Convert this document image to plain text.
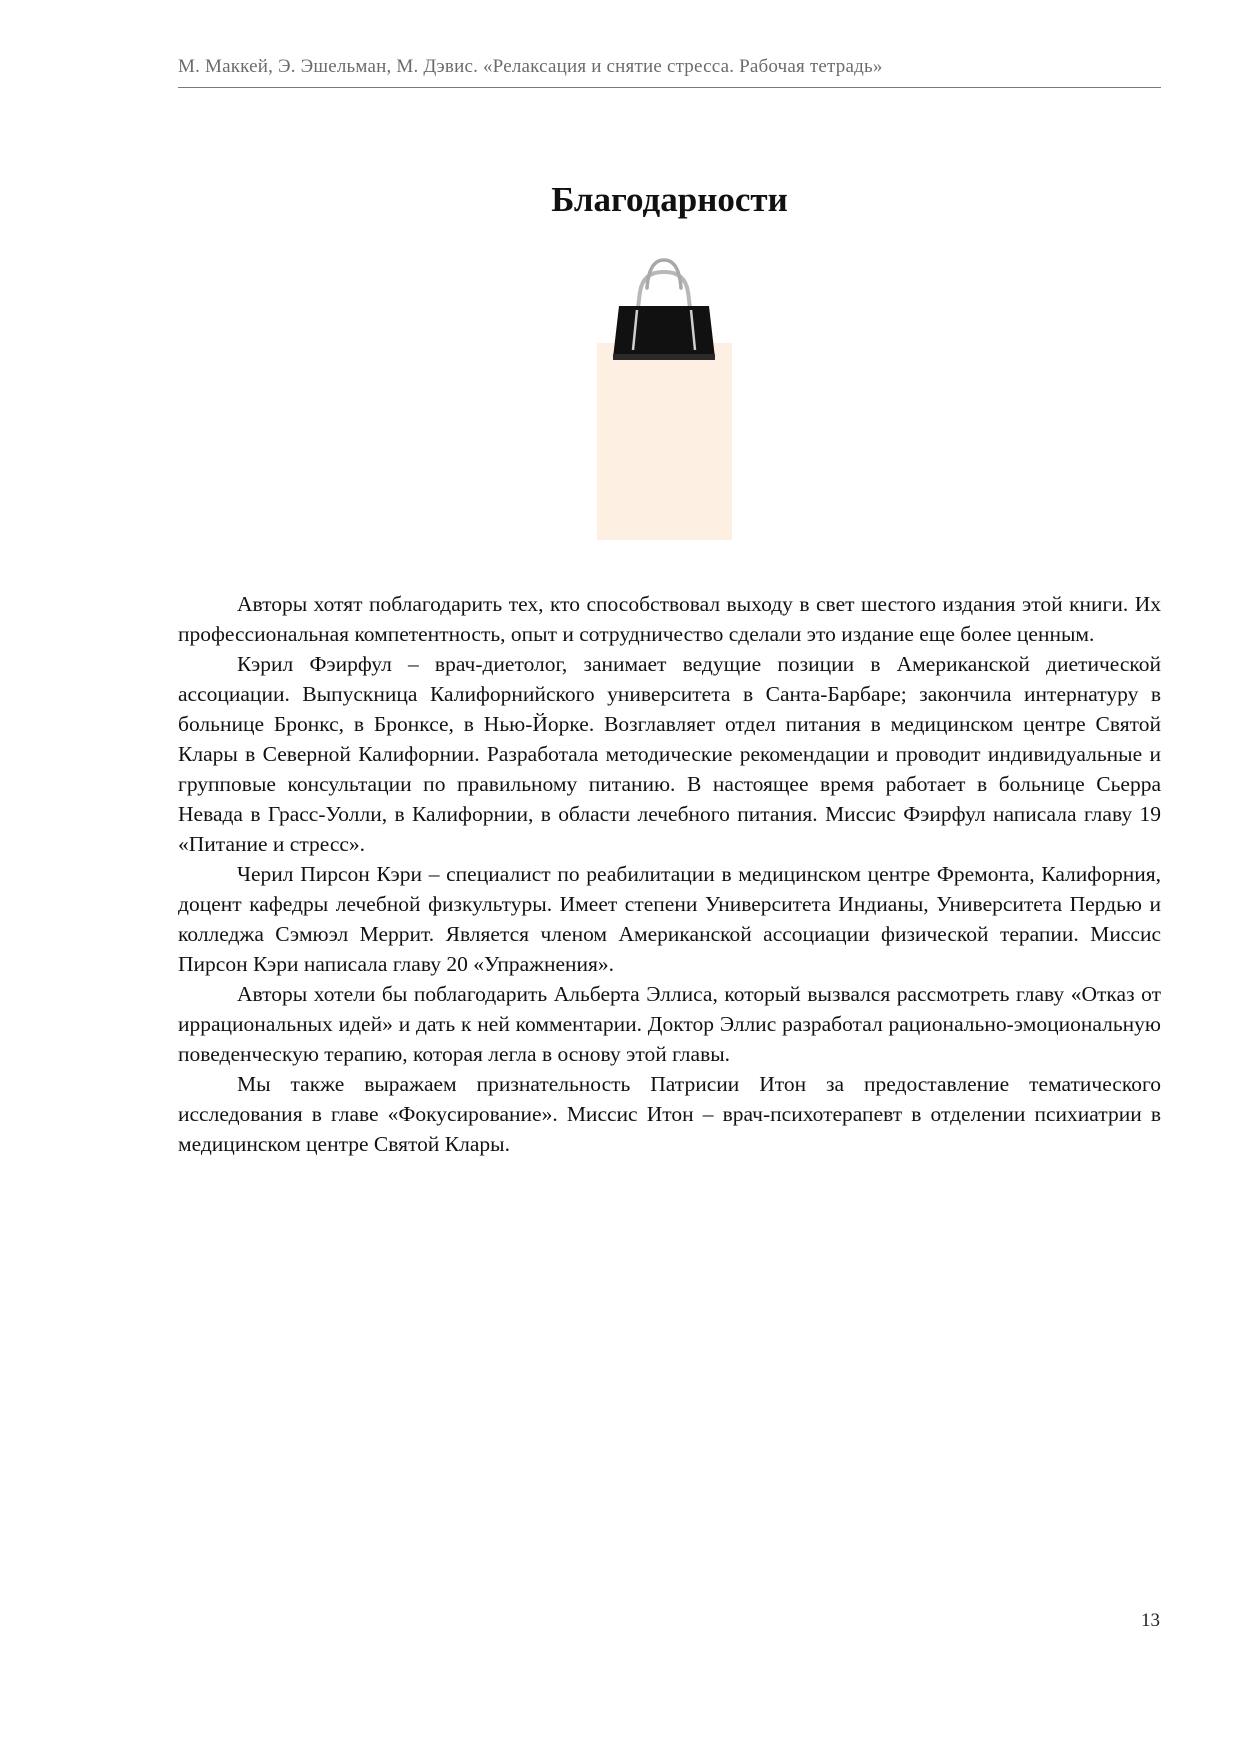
М. Маккей, Э. Эшельман, М. Дэвис. «Релаксация и снятие стресса. Рабочая тетрадь»
Благодарности

Авторы хотят поблагодарить тех, кто способствовал выходу в свет шестого издания этой книги. Их профессиональная компетентность, опыт и сотрудничество сделали это издание еще более ценным.

Кэрил Фэирфул – врач-диетолог, занимает ведущие позиции в Американской диетической ассоциации. Выпускница Калифорнийского университета в Санта-Барбаре; закончила интернатуру в больнице Бронкс, в Бронксе, в Нью-Йорке. Возглавляет отдел питания в медицинском центре Святой Клары в Северной Калифорнии. Разработала методические рекомендации и проводит индивидуальные и групповые консультации по правильному питанию. В настоящее время работает в больнице Сьерра Невада в Грасс-Уолли, в Калифорнии, в области лечебного питания. Миссис Фэирфул написала главу 19 «Питание и стресс».

Черил Пирсон Кэри – специалист по реабилитации в медицинском центре Фремонта, Калифорния, доцент кафедры лечебной физкультуры. Имеет степени Университета Индианы, Университета Пердью и колледжа Сэмюэл Меррит. Является членом Американской ассоциации физической терапии. Миссис Пирсон Кэри написала главу 20 «Упражнения».

Авторы хотели бы поблагодарить Альберта Эллиса, который вызвался рассмотреть главу «Отказ от иррациональных идей» и дать к ней комментарии. Доктор Эллис разработал рационально-эмоциональную поведенческую терапию, которая легла в основу этой главы.

Мы также выражаем признательность Патрисии Итон за предоставление тематического исследования в главе «Фокусирование». Миссис Итон – врач-психотерапевт в отделении психиатрии в медицинском центре Святой Клары.

13
